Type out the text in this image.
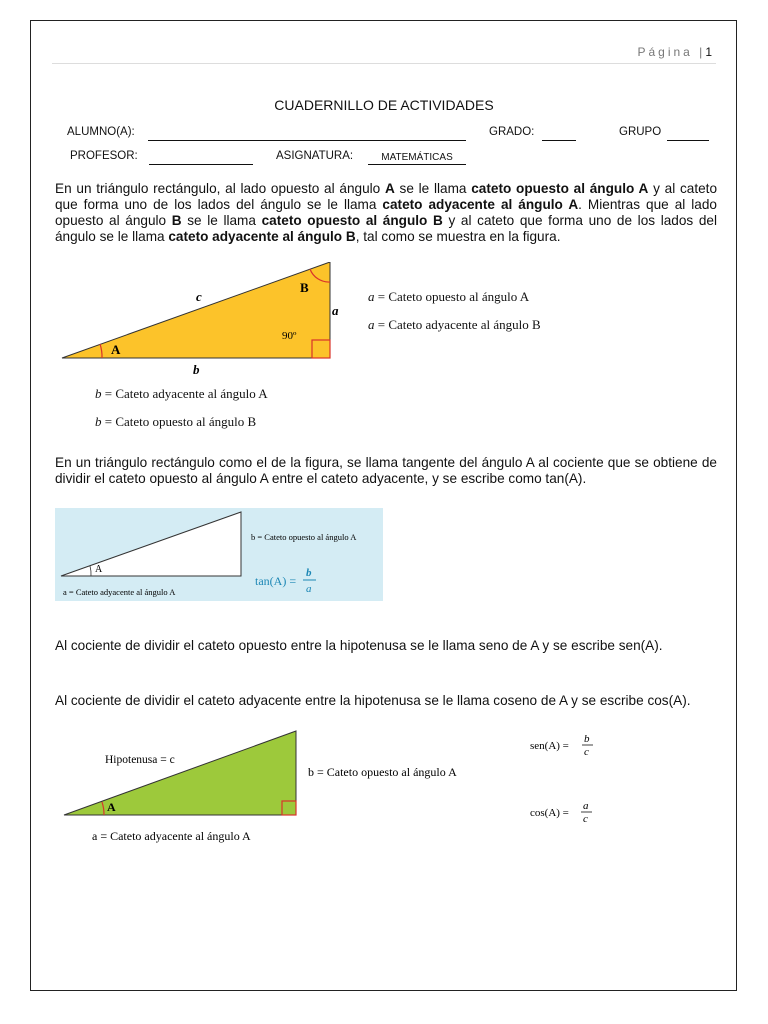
Página |1
CUADERNILLO DE ACTIVIDADES
ALUMNO(A):	GRADO:	GRUPO
PROFESOR:	ASIGNATURA:	MATEMÁTICAS
En un triángulo rectángulo, al lado opuesto al ángulo A se le llama cateto opuesto al ángulo A y al cateto que forma uno de los lados del ángulo se le llama cateto adyacente al ángulo A. Mientras que al lado opuesto al ángulo B se le llama cateto opuesto al ángulo B y al cateto que forma uno de los lados del ángulo se le llama cateto adyacente al ángulo B, tal como se muestra en la figura.
c
B
a
90º
A
b
a = Cateto opuesto al ángulo A
a = Cateto adyacente al ángulo B
b = Cateto adyacente al ángulo A
b = Cateto opuesto al ángulo B
En un triángulo rectángulo como el de la figura, se llama tangente del ángulo A al cociente que se obtiene de dividir el cateto opuesto al ángulo A entre el cateto adyacente, y se escribe como tan(A).
A
b = Cateto opuesto al ángulo A
a = Cateto adyacente al ángulo A
tan(A) =
b
a
Al cociente de dividir el cateto opuesto entre la hipotenusa se le llama seno de A y se escribe sen(A).
Al cociente de dividir el cateto adyacente entre la hipotenusa se le llama coseno de A y se escribe cos(A).
Hipotenusa = c
A
b = Cateto opuesto al ángulo A
a = Cateto adyacente al ángulo A
sen(A) =
b
c
cos(A) =
a
c
